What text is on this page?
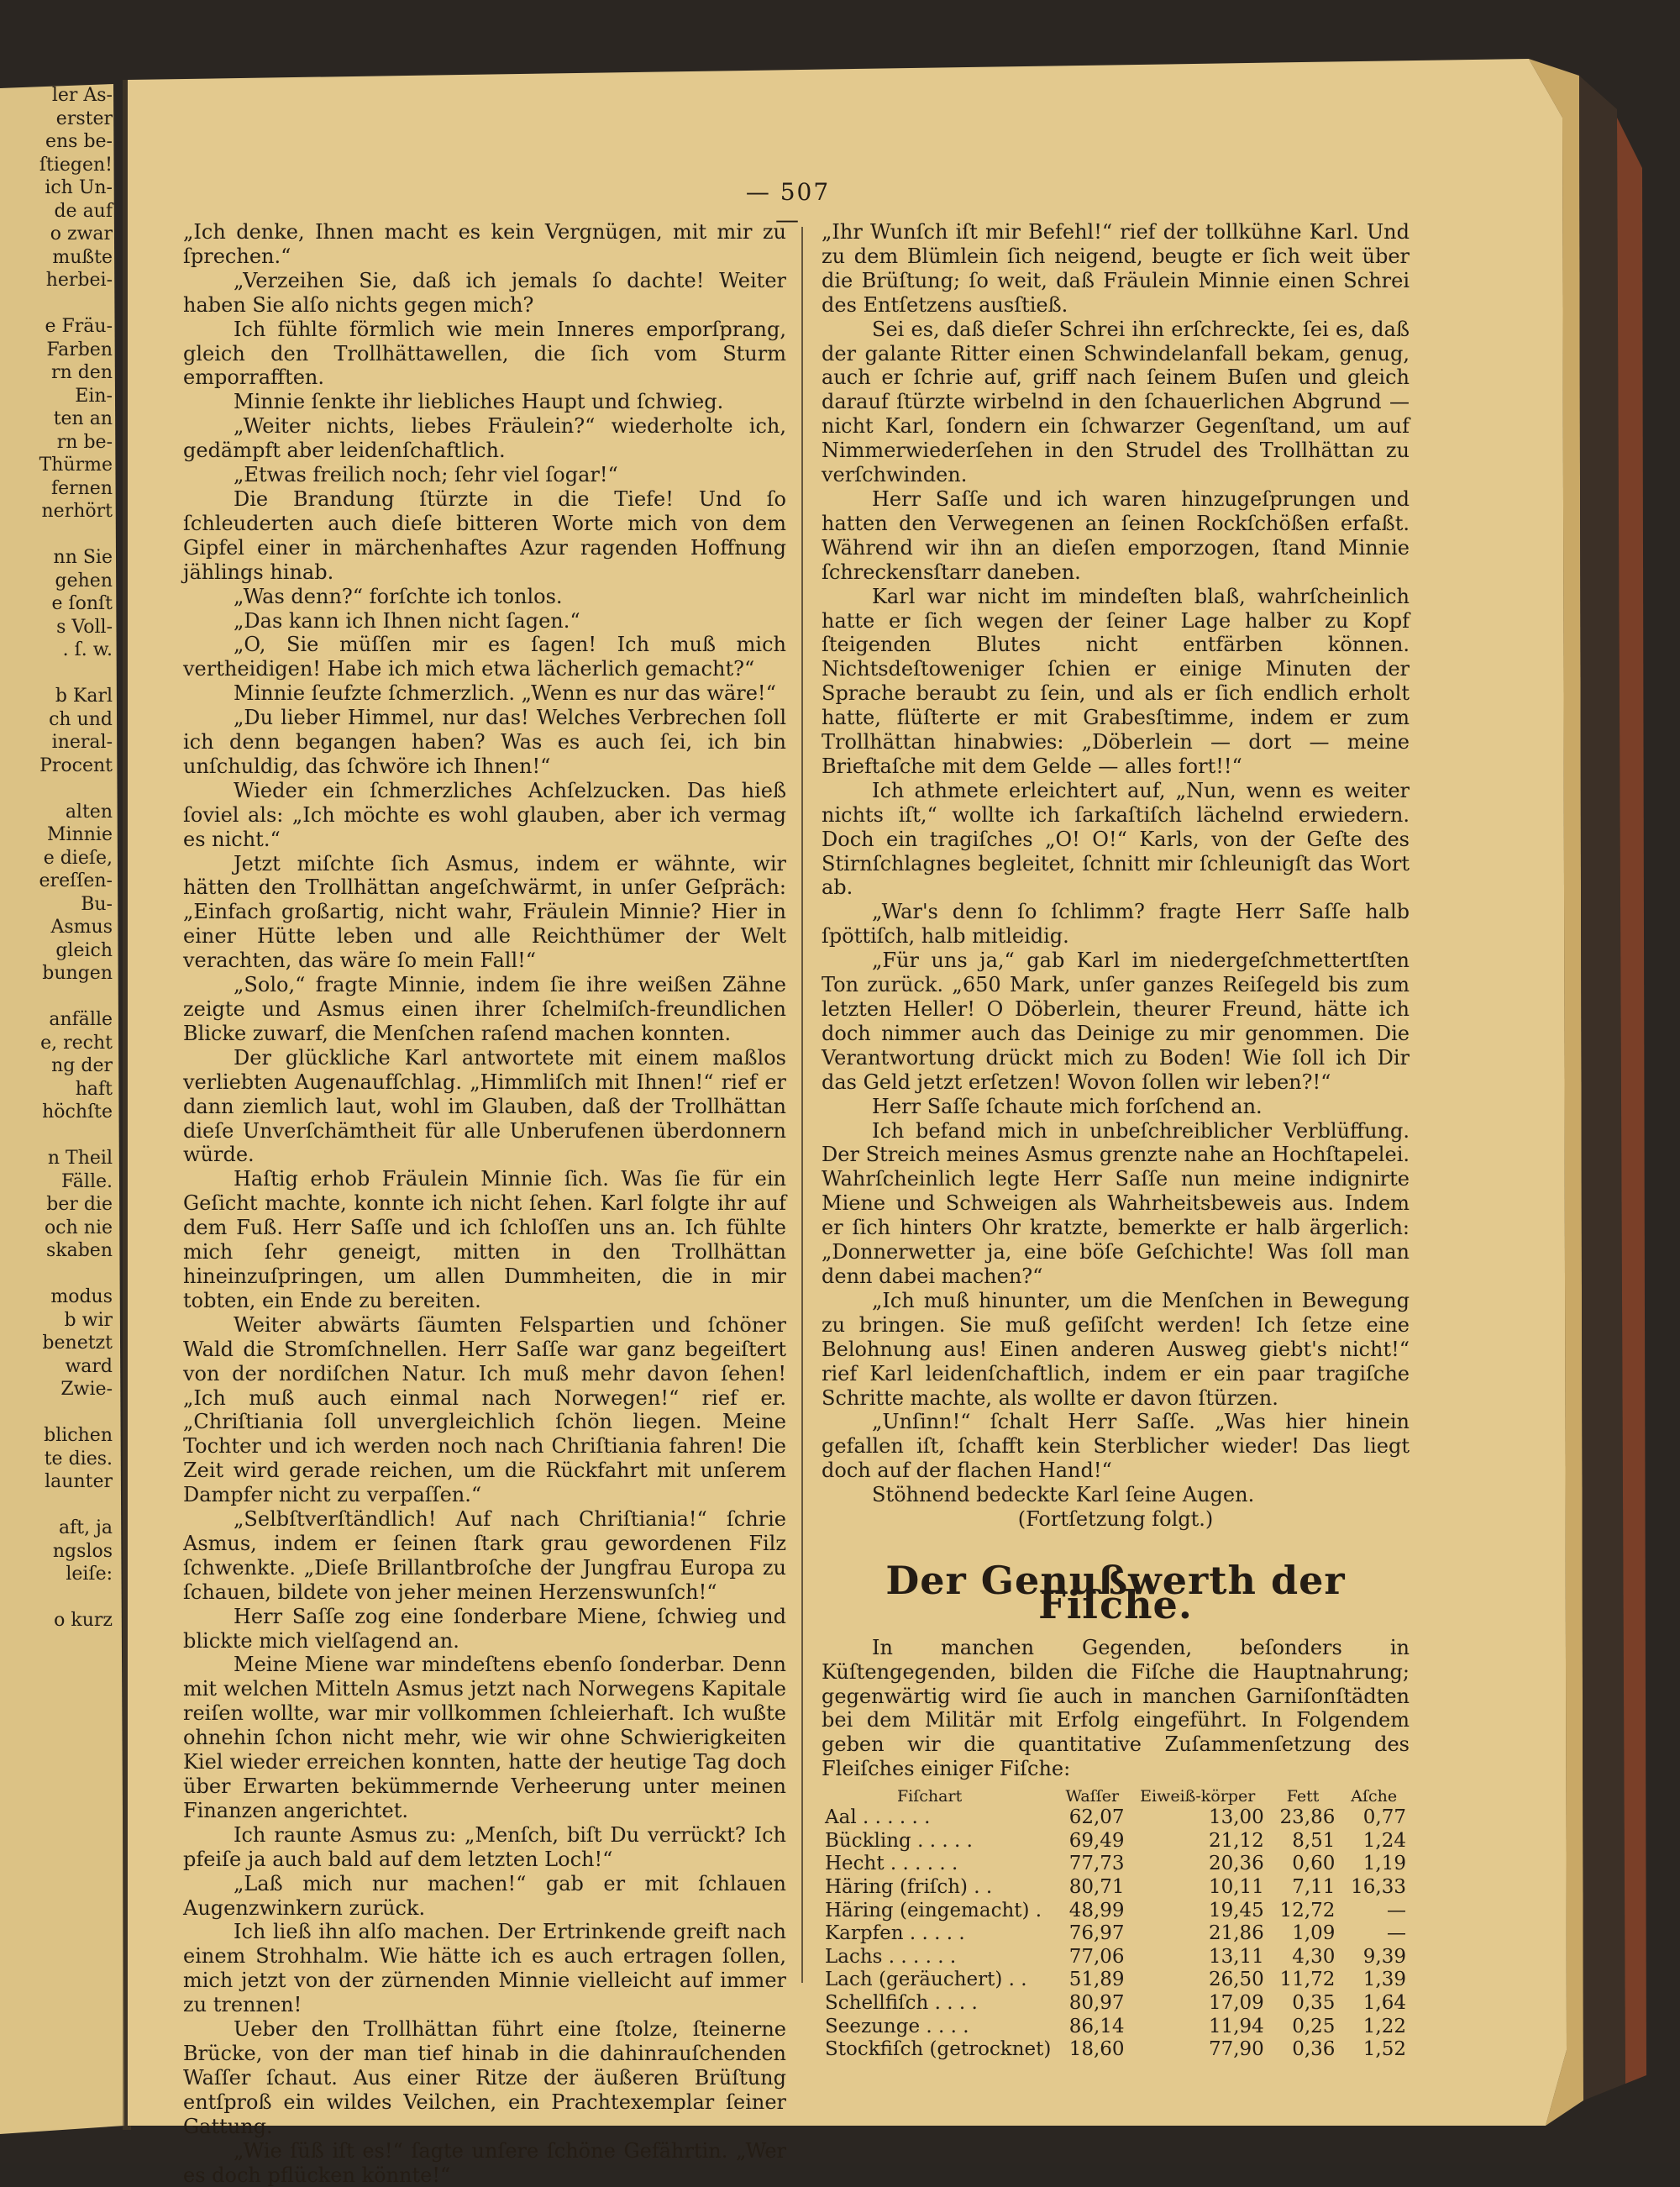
ler As-
erster
ens be-
ſtiegen!
ich Un-
de auf
o zwar
mußte
herbei-

e Fräu-
Farben
rn den
Ein-
ten an
rn be-
Thürme
fernen
nerhört

nn Sie
gehen
e ſonſt
s Voll-
. ſ. w.

b Karl
ch und
ineral-
Procent

alten
Minnie
e dieſe,
ereſſen-
Bu-
Asmus
gleich
bungen

anfälle
e, recht
ng der
haft
höchſte

n Theil
Fälle.
ber die
och nie
skaben

modus
b wir
benetzt
ward
Zwie-

blichen
te dies.
launter

aft, ja
ngslos
leiſe:

o kurz
— 507 —

„Ich denke, Ihnen macht es kein Vergnügen, mit mir zu ſprechen.“

„Verzeihen Sie, daß ich jemals ſo dachte! Weiter haben Sie alſo nichts gegen mich?

Ich fühlte förmlich wie mein Inneres emporſprang, gleich den Trollhättawellen, die ſich vom Sturm emporrafften.

Minnie ſenkte ihr liebliches Haupt und ſchwieg.

„Weiter nichts, liebes Fräulein?“ wiederholte ich, gedämpft aber leidenſchaftlich.

„Etwas freilich noch; ſehr viel ſogar!“

Die Brandung ſtürzte in die Tiefe! Und ſo ſchleuderten auch dieſe bitteren Worte mich von dem Gipfel einer in märchenhaftes Azur ragenden Hoffnung jählings hinab.

„Was denn?“ forſchte ich tonlos.

„Das kann ich Ihnen nicht ſagen.“

„O, Sie müſſen mir es ſagen! Ich muß mich vertheidigen! Habe ich mich etwa lächerlich gemacht?“

Minnie ſeufzte ſchmerzlich. „Wenn es nur das wäre!“

„Du lieber Himmel, nur das! Welches Verbrechen ſoll ich denn begangen haben? Was es auch ſei, ich bin unſchuldig, das ſchwöre ich Ihnen!“

Wieder ein ſchmerzliches Achſelzucken. Das hieß ſoviel als: „Ich möchte es wohl glauben, aber ich vermag es nicht.“

Jetzt miſchte ſich Asmus, indem er wähnte, wir hätten den Trollhättan angeſchwärmt, in unſer Geſpräch: „Einfach großartig, nicht wahr, Fräulein Minnie? Hier in einer Hütte leben und alle Reichthümer der Welt verachten, das wäre ſo mein Fall!“

„Solo,“ fragte Minnie, indem ſie ihre weißen Zähne zeigte und Asmus einen ihrer ſchelmiſch-freundlichen Blicke zuwarf, die Menſchen raſend machen konnten.

Der glückliche Karl antwortete mit einem maßlos verliebten Augenaufſchlag. „Himmliſch mit Ihnen!“ rief er dann ziemlich laut, wohl im Glauben, daß der Trollhättan dieſe Unverſchämtheit für alle Unberufenen überdonnern würde.

Haſtig erhob Fräulein Minnie ſich. Was ſie für ein Geſicht machte, konnte ich nicht ſehen. Karl folgte ihr auf dem Fuß. Herr Saſſe und ich ſchloſſen uns an. Ich fühlte mich ſehr geneigt, mitten in den Trollhättan hineinzuſpringen, um allen Dummheiten, die in mir tobten, ein Ende zu bereiten.

Weiter abwärts ſäumten Felspartien und ſchöner Wald die Stromſchnellen. Herr Saſſe war ganz begeiſtert von der nordiſchen Natur. Ich muß mehr davon ſehen! „Ich muß auch einmal nach Norwegen!“ rief er. „Chriſtiania ſoll unvergleichlich ſchön liegen. Meine Tochter und ich werden noch nach Chriſtiania fahren! Die Zeit wird gerade reichen, um die Rückfahrt mit unſerem Dampfer nicht zu verpaſſen.“

„Selbſtverſtändlich! Auf nach Chriſtiania!“ ſchrie Asmus, indem er ſeinen ſtark grau gewordenen Filz ſchwenkte. „Dieſe Brillantbroſche der Jungfrau Europa zu ſchauen, bildete von jeher meinen Herzenswunſch!“

Herr Saſſe zog eine ſonderbare Miene, ſchwieg und blickte mich vielſagend an.

Meine Miene war mindeſtens ebenſo ſonderbar. Denn mit welchen Mitteln Asmus jetzt nach Norwegens Kapitale reiſen wollte, war mir vollkommen ſchleierhaft. Ich wußte ohnehin ſchon nicht mehr, wie wir ohne Schwierigkeiten Kiel wieder erreichen konnten, hatte der heutige Tag doch über Erwarten bekümmernde Verheerung unter meinen Finanzen angerichtet.

Ich raunte Asmus zu: „Menſch, biſt Du verrückt? Ich pfeiſe ja auch bald auf dem letzten Loch!“

„Laß mich nur machen!“ gab er mit ſchlauen Augenzwinkern zurück.

Ich ließ ihn alſo machen. Der Ertrinkende greift nach einem Strohhalm. Wie hätte ich es auch ertragen ſollen, mich jetzt von der zürnenden Minnie vielleicht auf immer zu trennen!

Ueber den Trollhättan führt eine ſtolze, ſteinerne Brücke, von der man tief hinab in die dahinrauſchenden Waſſer ſchaut. Aus einer Ritze der äußeren Brüſtung entſproß ein wildes Veilchen, ein Prachtexemplar ſeiner Gattung.

„Wie ſüß iſt es!“ ſagte unſere ſchöne Gefährtin. „Wer es doch pflücken könnte!“

„Ihr Wunſch iſt mir Befehl!“ rief der tollkühne Karl. Und zu dem Blümlein ſich neigend, beugte er ſich weit über die Brüſtung; ſo weit, daß Fräulein Minnie einen Schrei des Entſetzens ausſtieß.

Sei es, daß dieſer Schrei ihn erſchreckte, ſei es, daß der galante Ritter einen Schwindelanfall bekam, genug, auch er ſchrie auf, griff nach ſeinem Buſen und gleich darauf ſtürzte wirbelnd in den ſchauerlichen Abgrund — nicht Karl, ſondern ein ſchwarzer Gegenſtand, um auf Nimmerwiederſehen in den Strudel des Trollhättan zu verſchwinden.

Herr Saſſe und ich waren hinzugeſprungen und hatten den Verwegenen an ſeinen Rockſchößen erfaßt. Während wir ihn an dieſen emporzogen, ſtand Minnie ſchreckensſtarr daneben.

Karl war nicht im mindeſten blaß, wahrſcheinlich hatte er ſich wegen der ſeiner Lage halber zu Kopf ſteigenden Blutes nicht entfärben können. Nichtsdeſtoweniger ſchien er einige Minuten der Sprache beraubt zu ſein, und als er ſich endlich erholt hatte, flüſterte er mit Grabesſtimme, indem er zum Trollhättan hinabwies: „Döberlein — dort — meine Brieftaſche mit dem Gelde — alles fort!!“

Ich athmete erleichtert auf, „Nun, wenn es weiter nichts iſt,“ wollte ich ſarkaſtiſch lächelnd erwiedern. Doch ein tragiſches „O! O!“ Karls, von der Geſte des Stirnſchlagnes begleitet, ſchnitt mir ſchleunigſt das Wort ab.

„War's denn ſo ſchlimm? fragte Herr Saſſe halb ſpöttiſch, halb mitleidig.

„Für uns ja,“ gab Karl im niedergeſchmettertſten Ton zurück. „650 Mark, unſer ganzes Reiſegeld bis zum letzten Heller! O Döberlein, theurer Freund, hätte ich doch nimmer auch das Deinige zu mir genommen. Die Verantwortung drückt mich zu Boden! Wie ſoll ich Dir das Geld jetzt erſetzen! Wovon ſollen wir leben?!“

Herr Saſſe ſchaute mich forſchend an.

Ich befand mich in unbeſchreiblicher Verblüffung. Der Streich meines Asmus grenzte nahe an Hochſtapelei. Wahrſcheinlich legte Herr Saſſe nun meine indignirte Miene und Schweigen als Wahrheitsbeweis aus. Indem er ſich hinters Ohr kratzte, bemerkte er halb ärgerlich: „Donnerwetter ja, eine böſe Geſchichte! Was ſoll man denn dabei machen?“

„Ich muß hinunter, um die Menſchen in Bewegung zu bringen. Sie muß geſiſcht werden! Ich ſetze eine Belohnung aus! Einen anderen Ausweg giebt's nicht!“ rief Karl leidenſchaftlich, indem er ein paar tragiſche Schritte machte, als wollte er davon ſtürzen.

„Unſinn!“ ſchalt Herr Saſſe. „Was hier hinein gefallen iſt, ſchafft kein Sterblicher wieder! Das liegt doch auf der flachen Hand!“

Stöhnend bedeckte Karl ſeine Augen.

(Fortſetzung folgt.)

Der Genußwerth der Fiſche.

In manchen Gegenden, beſonders in Küſtengegenden, bilden die Fiſche die Hauptnahrung; gegenwärtig wird ſie auch in manchen Garniſonſtädten bei dem Militär mit Erfolg eingeführt. In Folgendem geben wir die quantitative Zuſammenſetzung des Fleiſches einiger Fiſche:

Fiſchart	Waſſer	Eiweiß-körper	Fett	Aſche
Aal . . . . . .	62,07	13,00	23,86	0,77
Bückling . . . . .	69,49	21,12	8,51	1,24
Hecht . . . . . .	77,73	20,36	0,60	1,19
Häring (friſch) . .	80,71	10,11	7,11	16,33
Häring (eingemacht) .	48,99	19,45	12,72	—
Karpfen . . . . .	76,97	21,86	1,09	—
Lachs . . . . . .	77,06	13,11	4,30	9,39
Lach (geräuchert) . .	51,89	26,50	11,72	1,39
Schellfiſch . . . .	80,97	17,09	0,35	1,64
Seezunge . . . .	86,14	11,94	0,25	1,22
Stockfiſch (getrocknet)	18,60	77,90	0,36	1,52
